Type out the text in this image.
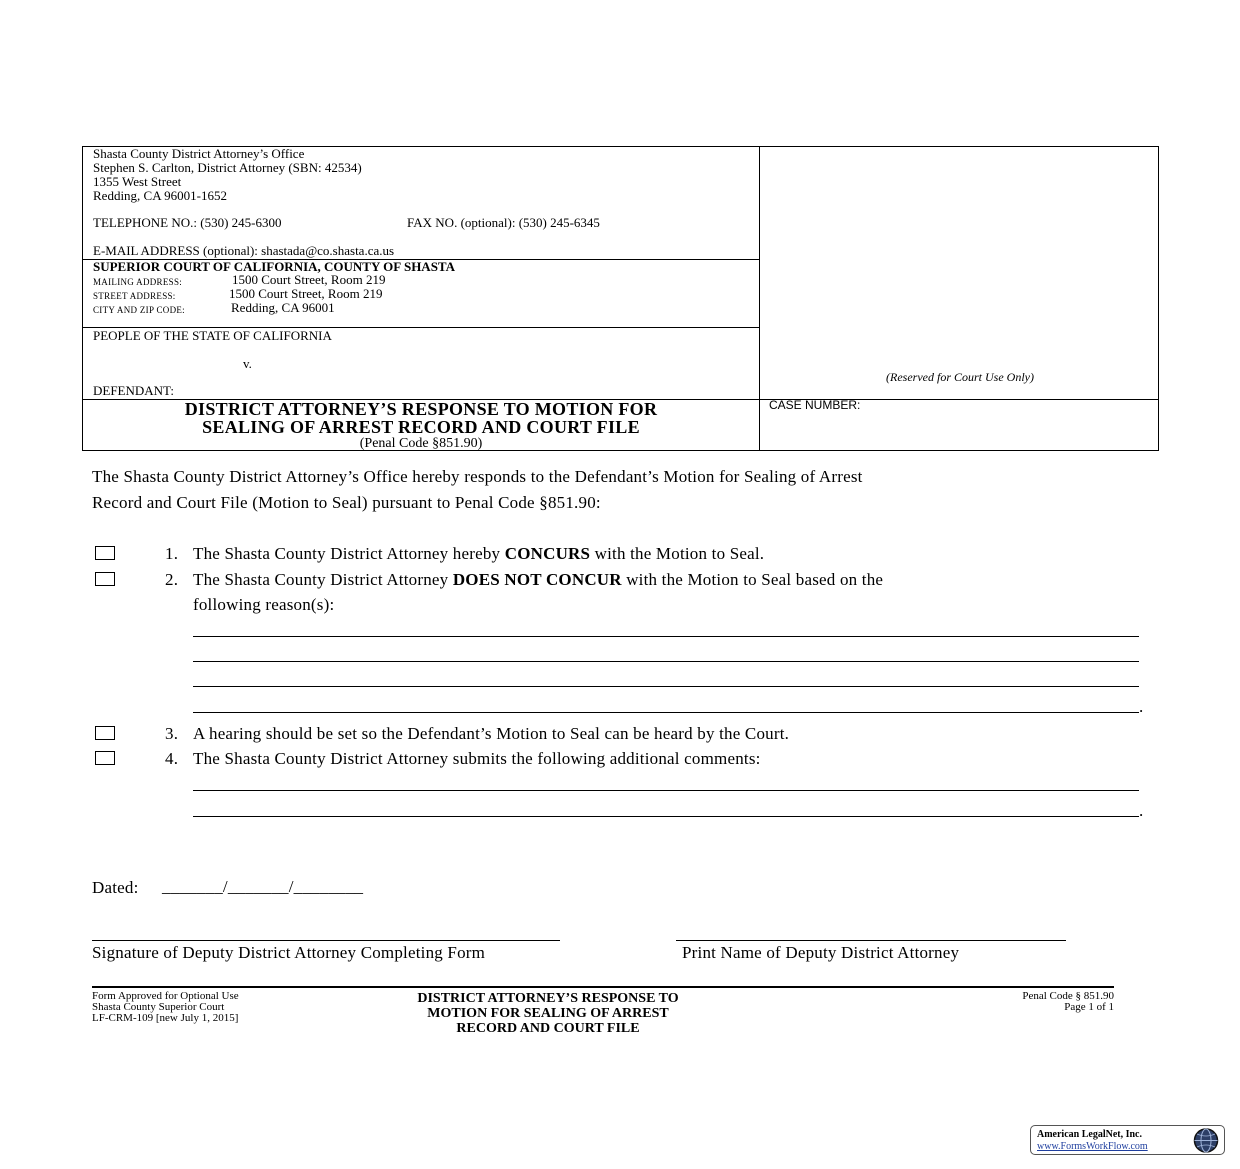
Shasta County District Attorney’s Office
Stephen S. Carlton, District Attorney (SBN: 42534)
1355 West Street
Redding, CA 96001-1652
TELEPHONE NO.: (530) 245-6300	FAX NO. (optional): (530) 245-6345
E-MAIL ADDRESS (optional): shastada@co.shasta.ca.us
SUPERIOR COURT OF CALIFORNIA, COUNTY OF SHASTA
MAILING ADDRESS:	1500 Court Street, Room 219
STREET ADDRESS:	1500 Court Street, Room 219
CITY AND ZIP CODE:	Redding, CA 96001
PEOPLE OF THE STATE OF CALIFORNIA
v.
DEFENDANT:
(Reserved for Court Use Only)
DISTRICT ATTORNEY’S RESPONSE TO MOTION FOR
SEALING OF ARREST RECORD AND COURT FILE
(Penal Code §851.90)
CASE NUMBER:
The Shasta County District Attorney’s Office hereby responds to the Defendant’s Motion for Sealing of Arrest
Record and Court File (Motion to Seal) pursuant to Penal Code §851.90:
1. The Shasta County District Attorney hereby CONCURS with the Motion to Seal.
2. The Shasta County District Attorney DOES NOT CONCUR with the Motion to Seal based on the
following reason(s):
.
3. A hearing should be set so the Defendant’s Motion to Seal can be heard by the Court.
4. The Shasta County District Attorney submits the following additional comments:
.
Dated: _______/_______/________
Signature of Deputy District Attorney Completing Form	Print Name of Deputy District Attorney
Form Approved for Optional Use
Shasta County Superior Court
LF-CRM-109 [new July 1, 2015]
DISTRICT ATTORNEY’S RESPONSE TO
MOTION FOR SEALING OF ARREST
RECORD AND COURT FILE
Penal Code § 851.90
Page 1 of 1
American LegalNet, Inc.
www.FormsWorkFlow.com
